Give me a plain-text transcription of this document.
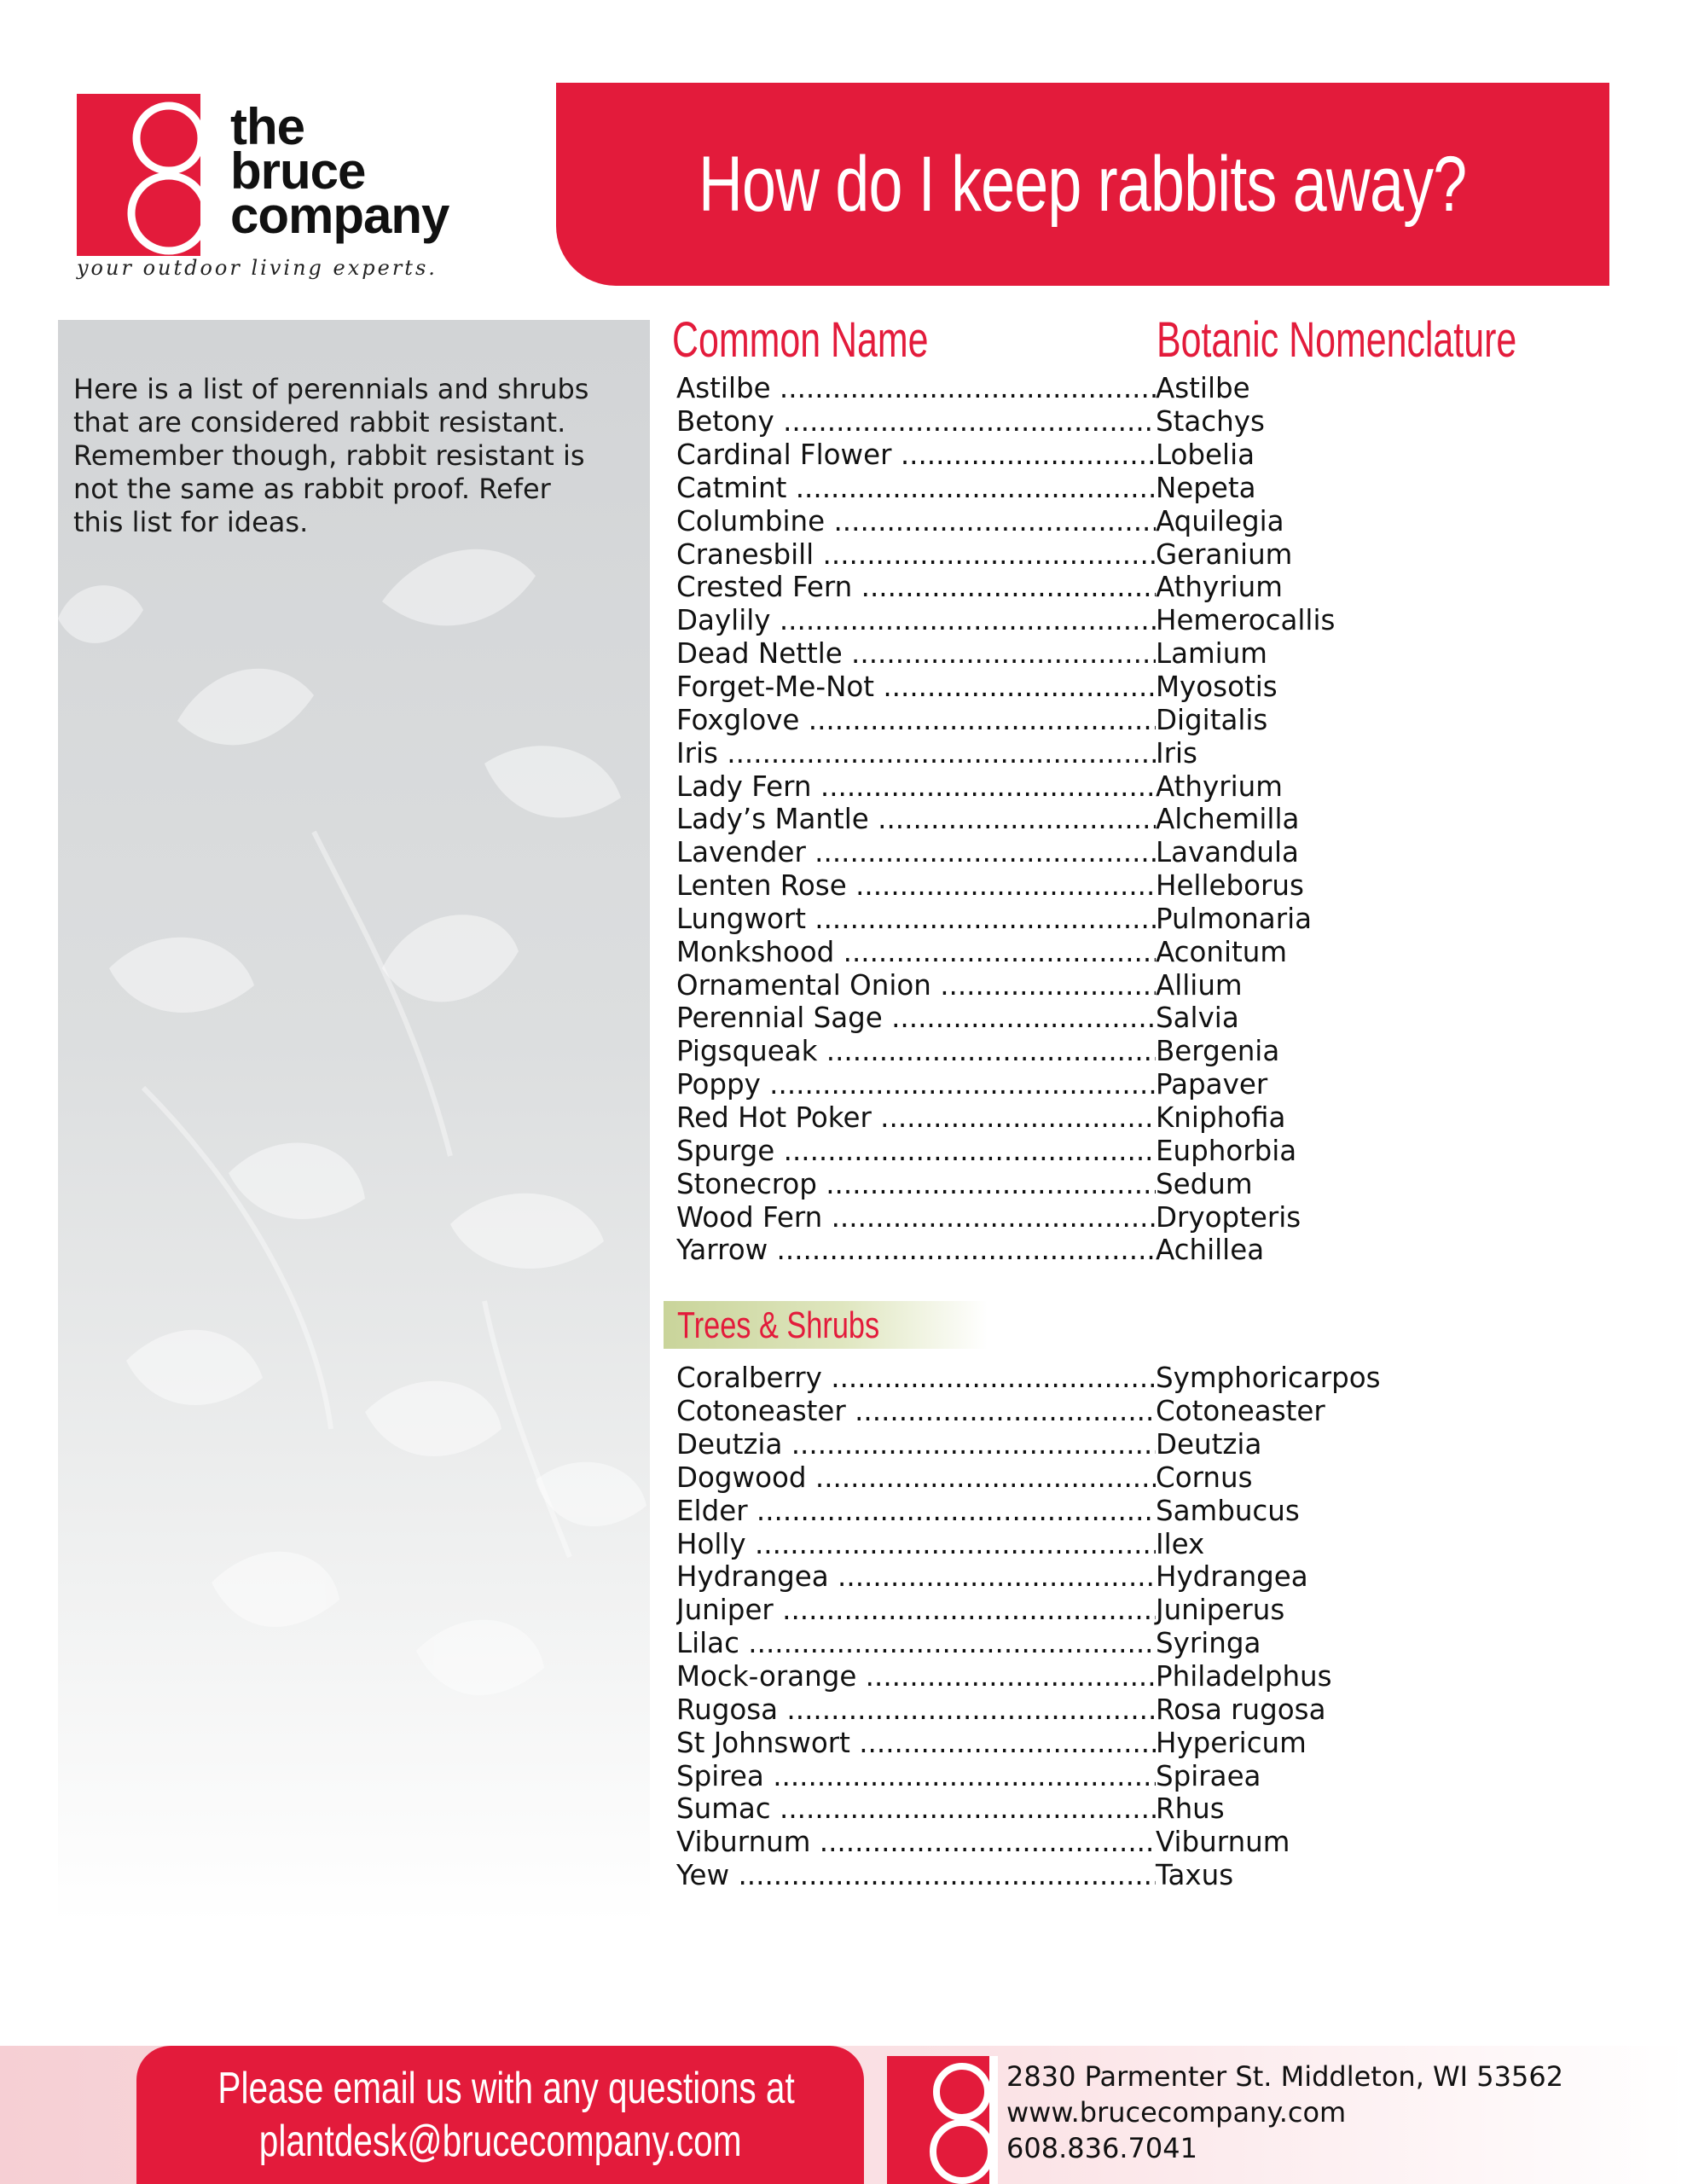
the
bruce
company
your outdoor living experts.
How do I keep rabbits away?
Here is a list of perennials and shrubs that are considered rabbit resistant. Remember though, rabbit resistant is not the same as rabbit proof. Refer this list for ideas.
Common Name	Botanic Nomenclature
Astilbe .....	Astilbe
Betony .....	Stachys
Cardinal Flower .....	Lobelia
Catmint .....	Nepeta
Columbine .....	Aquilegia
Cranesbill .....	Geranium
Crested Fern .....	Athyrium
Daylily .....	Hemerocallis
Dead Nettle .....	Lamium
Forget-Me-Not .....	Myosotis
Foxglove .....	Digitalis
Iris .....	Iris
Lady Fern .....	Athyrium
Lady’s Mantle .....	Alchemilla
Lavender .....	Lavandula
Lenten Rose .....	Helleborus
Lungwort .....	Pulmonaria
Monkshood .....	Aconitum
Ornamental Onion .....	Allium
Perennial Sage .....	Salvia
Pigsqueak .....	Bergenia
Poppy .....	Papaver
Red Hot Poker .....	Kniphofia
Spurge .....	Euphorbia
Stonecrop .....	Sedum
Wood Fern .....	Dryopteris
Yarrow .....	Achillea
Trees & Shrubs
Coralberry .....	Symphoricarpos
Cotoneaster .....	Cotoneaster
Deutzia .....	Deutzia
Dogwood .....	Cornus
Elder .....	Sambucus
Holly .....	Ilex
Hydrangea .....	Hydrangea
Juniper .....	Juniperus
Lilac .....	Syringa
Mock-orange .....	Philadelphus
Rugosa .....	Rosa rugosa
St Johnswort .....	Hypericum
Spirea .....	Spiraea
Sumac .....	Rhus
Viburnum .....	Viburnum
Yew .....	Taxus
Please email us with any questions at
plantdesk@brucecompany.com
2830 Parmenter St. Middleton, WI 53562
www.brucecompany.com
608.836.7041
